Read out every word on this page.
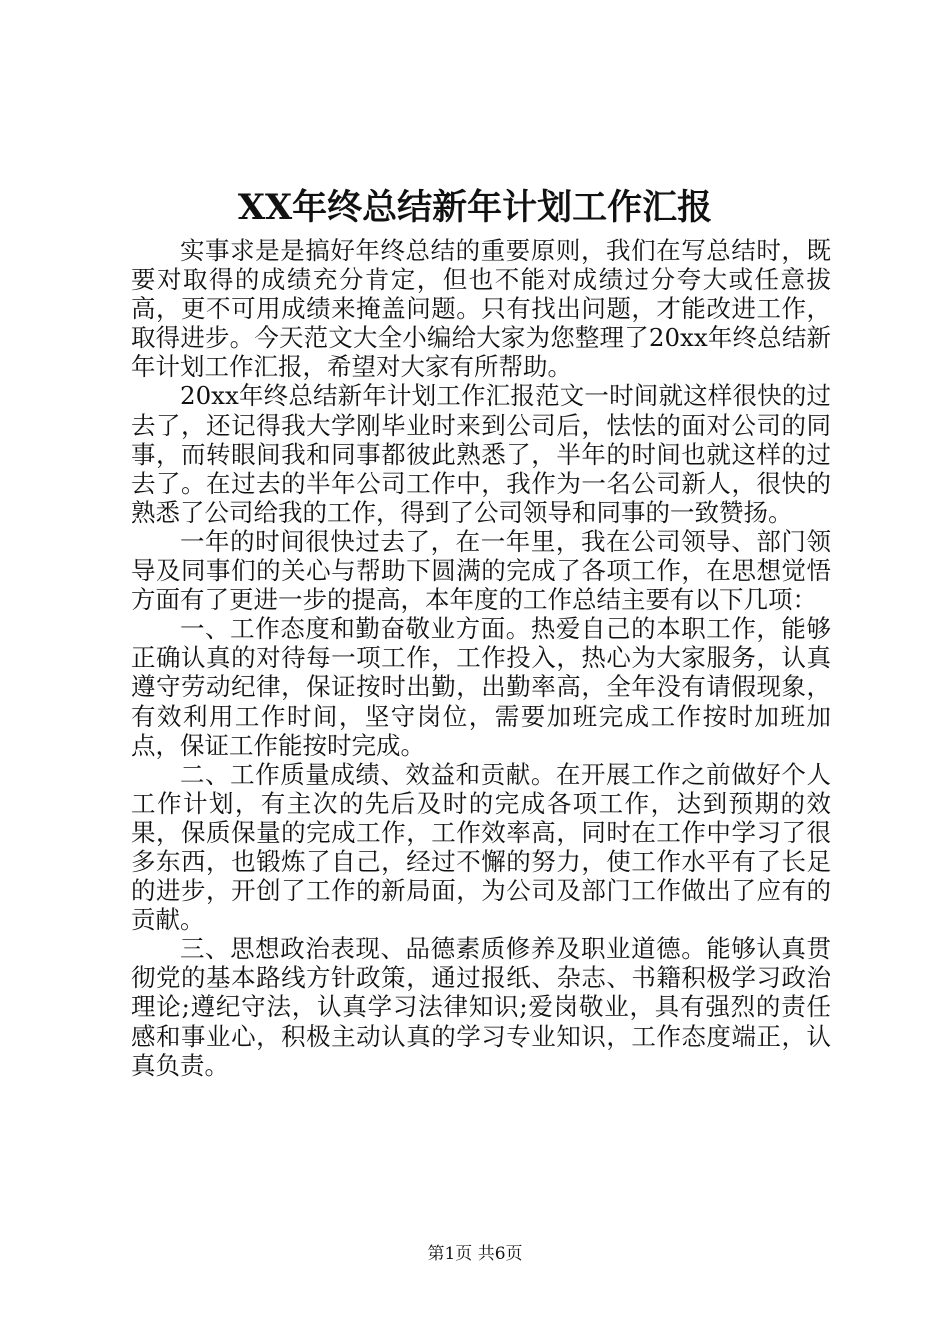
XX年终总结新年计划工作汇报

实事求是是搞好年终总结的重要原则，我们在写总结时，既要对取得的成绩充分肯定，但也不能对成绩过分夸大或任意拔高，更不可用成绩来掩盖问题。只有找出问题，才能改进工作，取得进步。今天范文大全小编给大家为您整理了20xx年终总结新年计划工作汇报，希望对大家有所帮助。

20xx年终总结新年计划工作汇报范文一时间就这样很快的过去了，还记得我大学刚毕业时来到公司后，怯怯的面对公司的同事，而转眼间我和同事都彼此熟悉了，半年的时间也就这样的过去了。在过去的半年公司工作中，我作为一名公司新人，很快的熟悉了公司给我的工作，得到了公司领导和同事的一致赞扬。

一年的时间很快过去了，在一年里，我在公司领导、部门领导及同事们的关心与帮助下圆满的完成了各项工作，在思想觉悟方面有了更进一步的提高，本年度的工作总结主要有以下几项：

一、工作态度和勤奋敬业方面。热爱自己的本职工作，能够正确认真的对待每一项工作，工作投入，热心为大家服务，认真遵守劳动纪律，保证按时出勤，出勤率高，全年没有请假现象，有效利用工作时间，坚守岗位，需要加班完成工作按时加班加点，保证工作能按时完成。

二、工作质量成绩、效益和贡献。在开展工作之前做好个人工作计划，有主次的先后及时的完成各项工作，达到预期的效果，保质保量的完成工作，工作效率高，同时在工作中学习了很多东西，也锻炼了自己，经过不懈的努力，使工作水平有了长足的进步，开创了工作的新局面，为公司及部门工作做出了应有的贡献。

三、思想政治表现、品德素质修养及职业道德。能够认真贯彻党的基本路线方针政策，通过报纸、杂志、书籍积极学习政治理论;遵纪守法，认真学习法律知识;爱岗敬业，具有强烈的责任感和事业心，积极主动认真的学习专业知识，工作态度端正，认真负责。

第1页 共6页
